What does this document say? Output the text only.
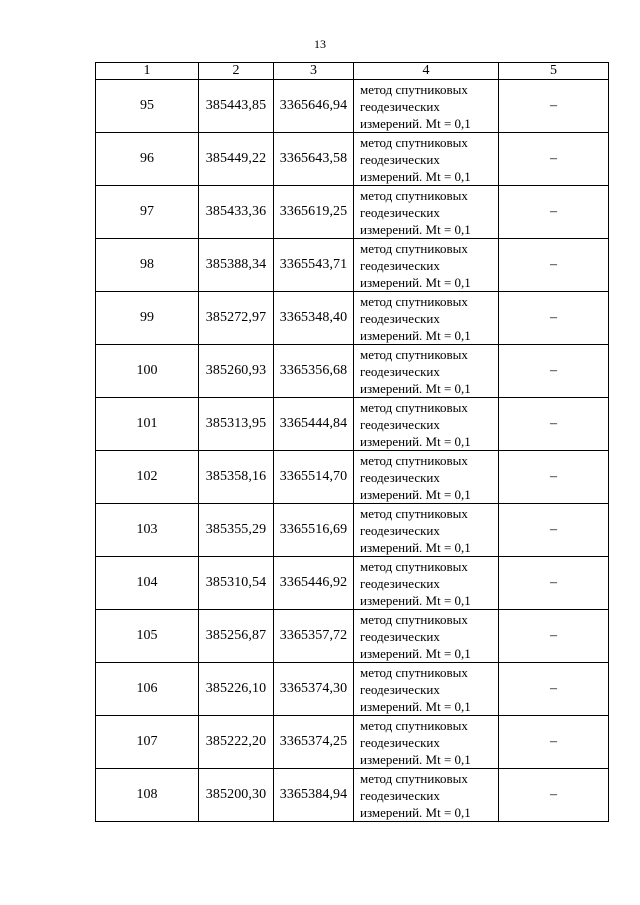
13
1	2	3	4	5
95	385443,85	3365646,94	метод спутниковых
геодезических
измерений. Mt = 0,1	–
96	385449,22	3365643,58	метод спутниковых
геодезических
измерений. Mt = 0,1	–
97	385433,36	3365619,25	метод спутниковых
геодезических
измерений. Mt = 0,1	–
98	385388,34	3365543,71	метод спутниковых
геодезических
измерений. Mt = 0,1	–
99	385272,97	3365348,40	метод спутниковых
геодезических
измерений. Mt = 0,1	–
100	385260,93	3365356,68	метод спутниковых
геодезических
измерений. Mt = 0,1	–
101	385313,95	3365444,84	метод спутниковых
геодезических
измерений. Mt = 0,1	–
102	385358,16	3365514,70	метод спутниковых
геодезических
измерений. Mt = 0,1	–
103	385355,29	3365516,69	метод спутниковых
геодезических
измерений. Mt = 0,1	–
104	385310,54	3365446,92	метод спутниковых
геодезических
измерений. Mt = 0,1	–
105	385256,87	3365357,72	метод спутниковых
геодезических
измерений. Mt = 0,1	–
106	385226,10	3365374,30	метод спутниковых
геодезических
измерений. Mt = 0,1	–
107	385222,20	3365374,25	метод спутниковых
геодезических
измерений. Mt = 0,1	–
108	385200,30	3365384,94	метод спутниковых
геодезических
измерений. Mt = 0,1	–
